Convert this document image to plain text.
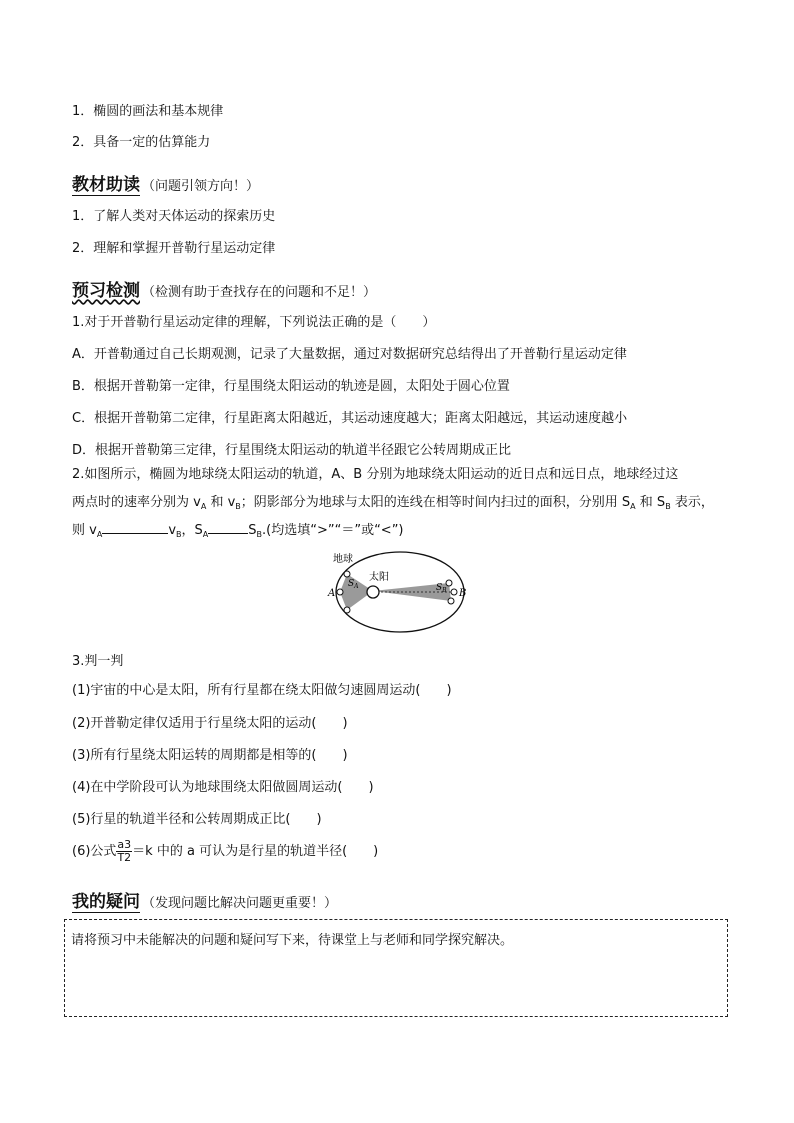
1．椭圆的画法和基本规律
2．具备一定的估算能力
教材助读 （问题引领方向！）
1．了解人类对天体运动的探索历史
2．理解和掌握开普勒行星运动定律
预习检测 （检测有助于查找存在的问题和不足！）
1.对于开普勒行星运动定律的理解，下列说法正确的是（　　）
A．开普勒通过自己长期观测，记录了大量数据，通过对数据研究总结得出了开普勒行星运动定律
B．根据开普勒第一定律，行星围绕太阳运动的轨迹是圆，太阳处于圆心位置
C．根据开普勒第二定律，行星距离太阳越近，其运动速度越大；距离太阳越远，其运动速度越小
D．根据开普勒第三定律，行星围绕太阳运动的轨道半径跟它公转周期成正比
2.如图所示，椭圆为地球绕太阳运动的轨道，A、B 分别为地球绕太阳运动的近日点和远日点，地球经过这
两点时的速率分别为 $v_A$ 和 $v_B$；阴影部分为地球与太阳的连线在相等时间内扫过的面积，分别用 $S_A$ 和 $S_B$ 表示，
则 $v_A$	$v_B$，$S_A$	$S_B$.(均选填“>”“＝”或“<”)
地球
太阳
A	B
$S_A$	$S_B$
3.判一判
(1)宇宙的中心是太阳，所有行星都在绕太阳做匀速圆周运动(　　)
(2)开普勒定律仅适用于行星绕太阳的运动(　　)
(3)所有行星绕太阳运转的周期都是相等的(　　)
(4)在中学阶段可认为地球围绕太阳做圆周运动(　　)
(5)行星的轨道半径和公转周期成正比(　　)
(6)公式 $\frac{a3}{T2} =k$ 中的 a 可认为是行星的轨道半径(　　)
我的疑问 （发现问题比解决问题更重要！）
请将预习中未能解决的问题和疑问写下来，待课堂上与老师和同学探究解决。
